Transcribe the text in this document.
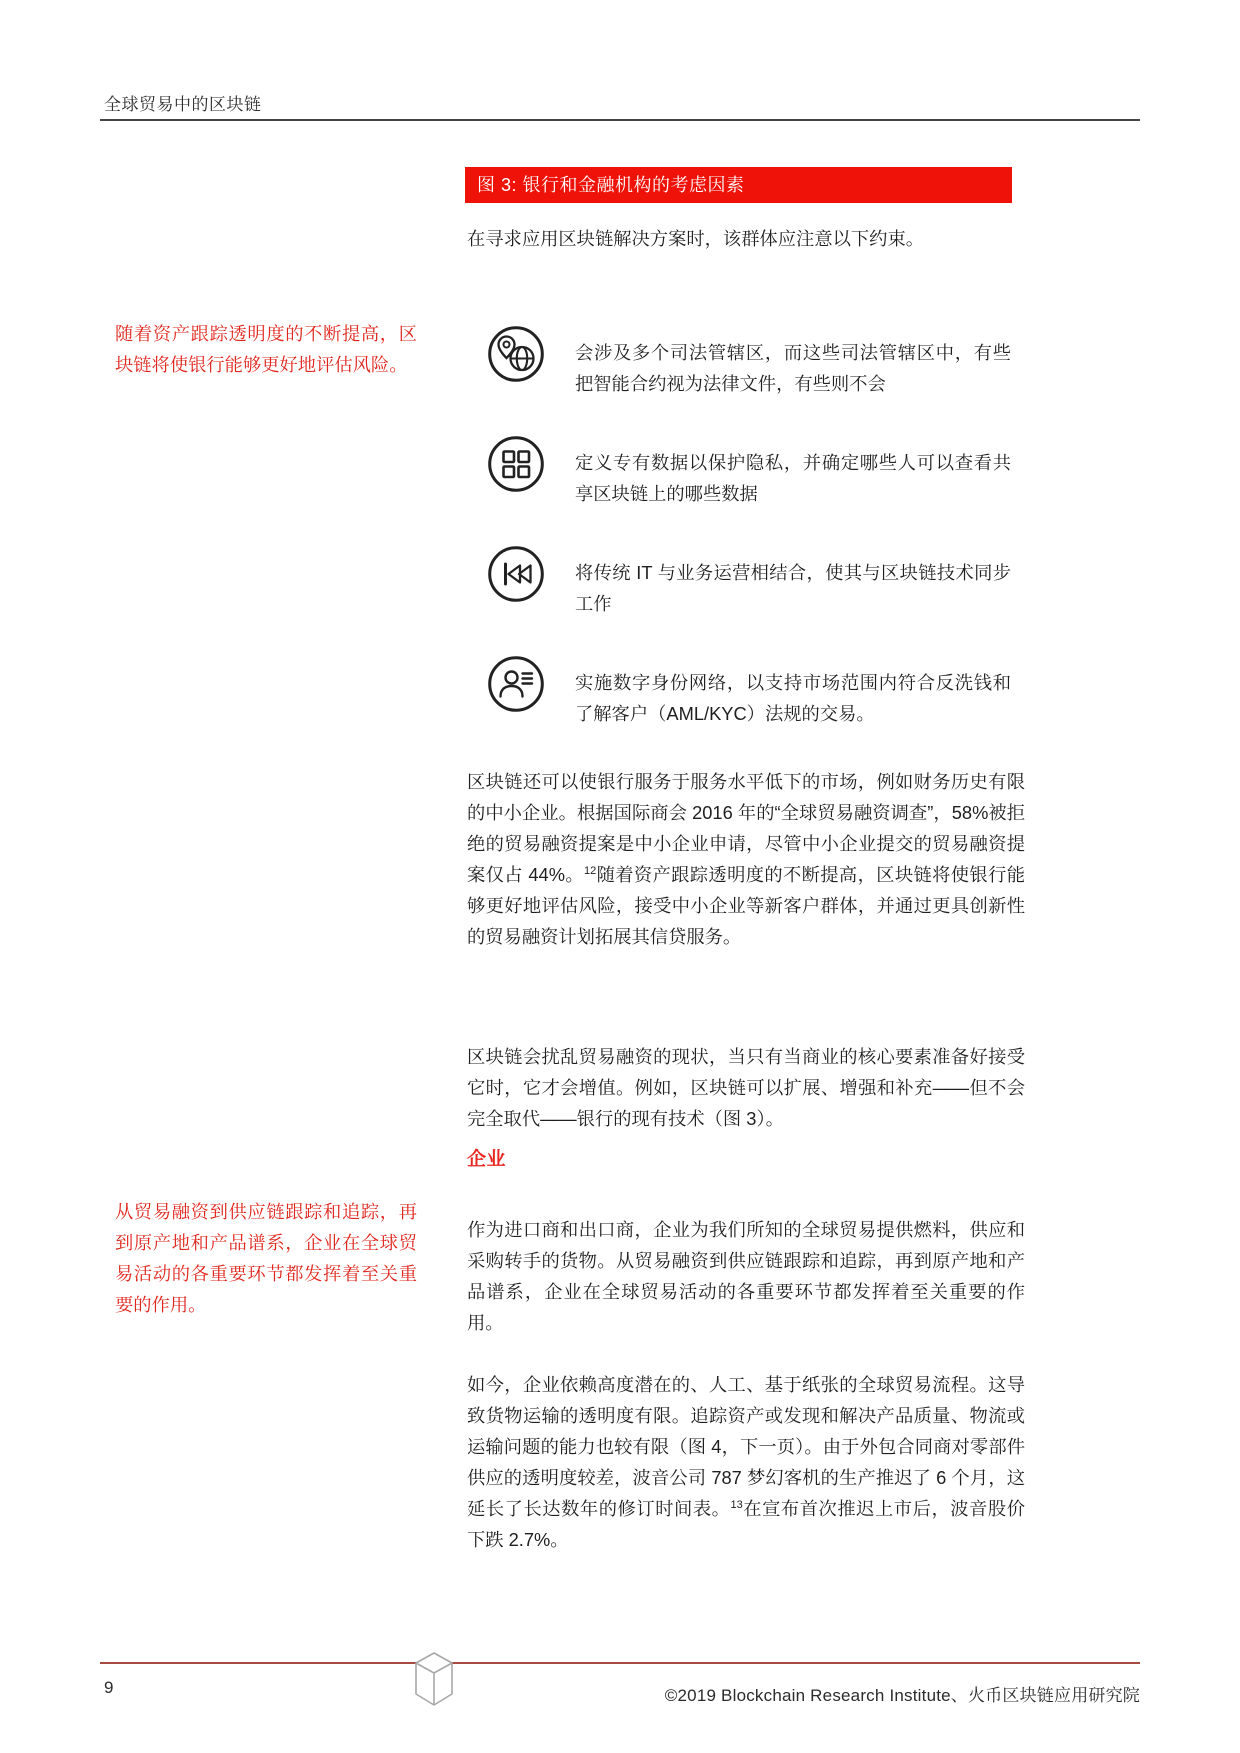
全球贸易中的区块链
图 3: 银行和金融机构的考虑因素
在寻求应用区块链解决方案时，该群体应注意以下约束。
随着资产跟踪透明度的不断提高，区块链将使银行能够更好地评估风险。
从贸易融资到供应链跟踪和追踪，再到原产地和产品谱系，企业在全球贸易活动的各重要环节都发挥着至关重要的作用。
会涉及多个司法管辖区，而这些司法管辖区中，有些把智能合约视为法律文件，有些则不会
定义专有数据以保护隐私，并确定哪些人可以查看共享区块链上的哪些数据
将传统 IT 与业务运营相结合，使其与区块链技术同步工作
实施数字身份网络，以支持市场范围内符合反洗钱和了解客户（AML/KYC）法规的交易。

区块链还可以使银行服务于服务水平低下的市场，例如财务历史有限的中小企业。根据国际商会 2016 年的“全球贸易融资调查”，58%被拒绝的贸易融资提案是中小企业申请，尽管中小企业提交的贸易融资提案仅占 44%。$^{12}$随着资产跟踪透明度的不断提高，区块链将使银行能够更好地评估风险，接受中小企业等新客户群体，并通过更具创新性的贸易融资计划拓展其信贷服务。

区块链会扰乱贸易融资的现状，当只有当商业的核心要素准备好接受它时，它才会增值。例如，区块链可以扩展、增强和补充——但不会完全取代——银行的现有技术（图 3）。

企业

作为进口商和出口商，企业为我们所知的全球贸易提供燃料，供应和采购转手的货物。从贸易融资到供应链跟踪和追踪，再到原产地和产品谱系，企业在全球贸易活动的各重要环节都发挥着至关重要的作用。

如今，企业依赖高度潜在的、人工、基于纸张的全球贸易流程。这导致货物运输的透明度有限。追踪资产或发现和解决产品质量、物流或运输问题的能力也较有限（图 4，下一页）。由于外包合同商对零部件供应的透明度较差，波音公司 787 梦幻客机的生产推迟了 6 个月，这延长了长达数年的修订时间表。$^{13}$在宣布首次推迟上市后，波音股价下跌 2.7%。

9	©2019 Blockchain Research Institute、火币区块链应用研究院
